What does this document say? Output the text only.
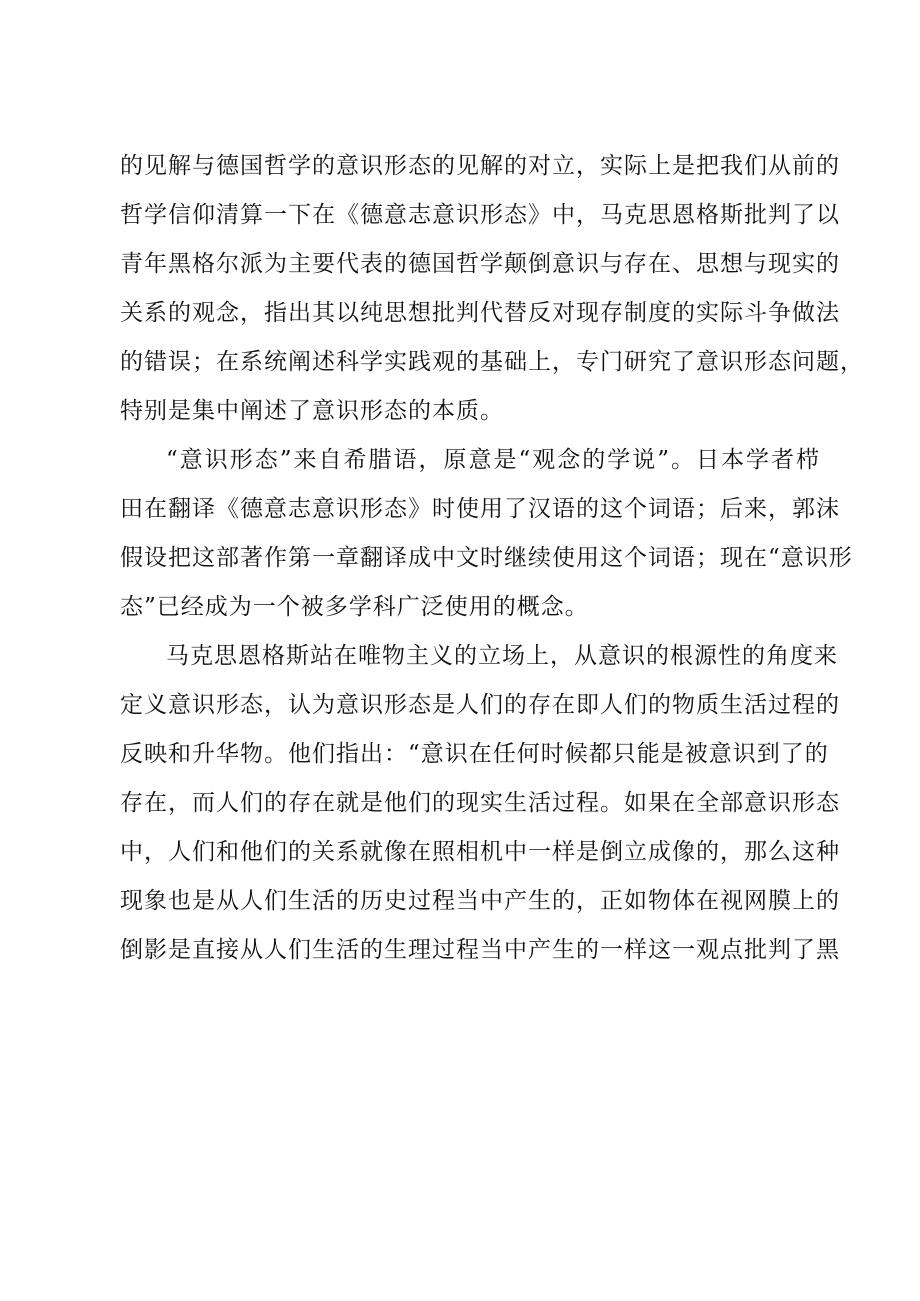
的见解与德国哲学的意识形态的见解的对立，实际上是把我们从前的
哲学信仰清算一下在《德意志意识形态》中，马克思恩格斯批判了以
青年黑格尔派为主要代表的德国哲学颠倒意识与存在、思想与现实的
关系的观念，指出其以纯思想批判代替反对现存制度的实际斗争做法
的错误；在系统阐述科学实践观的基础上，专门研究了意识形态问题，
特别是集中阐述了意识形态的本质。
“意识形态”来自希腊语，原意是“观念的学说”。日本学者栉
田在翻译《德意志意识形态》时使用了汉语的这个词语；后来，郭沫
假设把这部著作第一章翻译成中文时继续使用这个词语；现在“意识形
态”已经成为一个被多学科广泛使用的概念。
马克思恩格斯站在唯物主义的立场上，从意识的根源性的角度来
定义意识形态，认为意识形态是人们的存在即人们的物质生活过程的
反映和升华物。他们指出：“意识在任何时候都只能是被意识到了的
存在，而人们的存在就是他们的现实生活过程。如果在全部意识形态
中，人们和他们的关系就像在照相机中一样是倒立成像的，那么这种
现象也是从人们生活的历史过程当中产生的，正如物体在视网膜上的
倒影是直接从人们生活的生理过程当中产生的一样这一观点批判了黑
